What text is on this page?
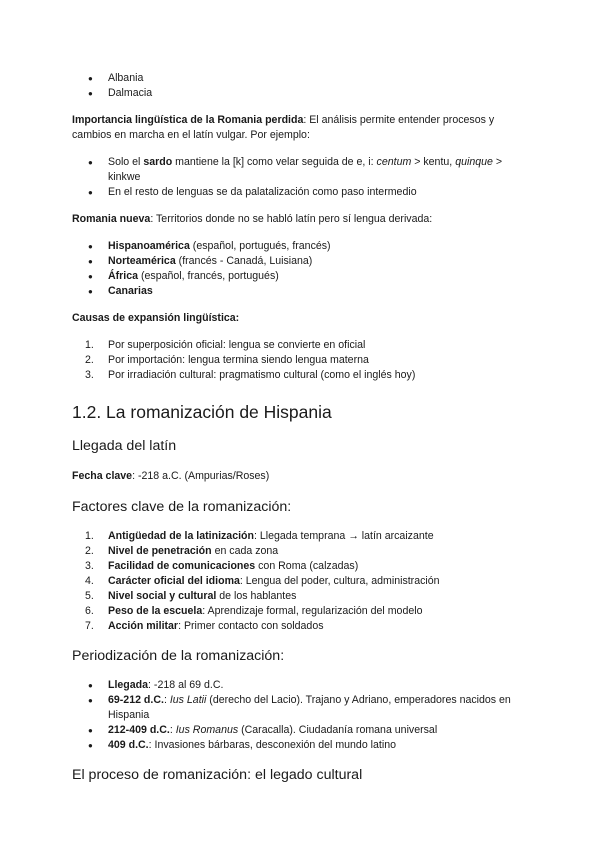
● Albania
● Dalmacia

Importancia lingüística de la Romania perdida: El análisis permite entender procesos y cambios en marcha en el latín vulgar. Por ejemplo:

● Solo el sardo mantiene la [k] como velar seguida de e, i: centum > kentu, quinque > kinkwe
● En el resto de lenguas se da palatalización como paso intermedio

Romania nueva: Territorios donde no se habló latín pero sí lengua derivada:

● Hispanoamérica (español, portugués, francés)
● Norteamérica (francés - Canadá, Luisiana)
● África (español, francés, portugués)
● Canarias

Causas de expansión lingüística:

1. Por superposición oficial: lengua se convierte en oficial
2. Por importación: lengua termina siendo lengua materna
3. Por irradiación cultural: pragmatismo cultural (como el inglés hoy)
1.2. La romanización de Hispania
Llegada del latín

Fecha clave: -218 a.C. (Ampurias/Roses)

Factores clave de la romanización:
1. Antigüedad de la latinización: Llegada temprana → latín arcaizante
2. Nivel de penetración en cada zona
3. Facilidad de comunicaciones con Roma (calzadas)
4. Carácter oficial del idioma: Lengua del poder, cultura, administración
5. Nivel social y cultural de los hablantes
6. Peso de la escuela: Aprendizaje formal, regularización del modelo
7. Acción militar: Primer contacto con soldados
Periodización de la romanización:
● Llegada: -218 al 69 d.C.
● 69-212 d.C.: Ius Latii (derecho del Lacio). Trajano y Adriano, emperadores nacidos en Hispania
● 212-409 d.C.: Ius Romanus (Caracalla). Ciudadanía romana universal
● 409 d.C.: Invasiones bárbaras, desconexión del mundo latino
El proceso de romanización: el legado cultural
